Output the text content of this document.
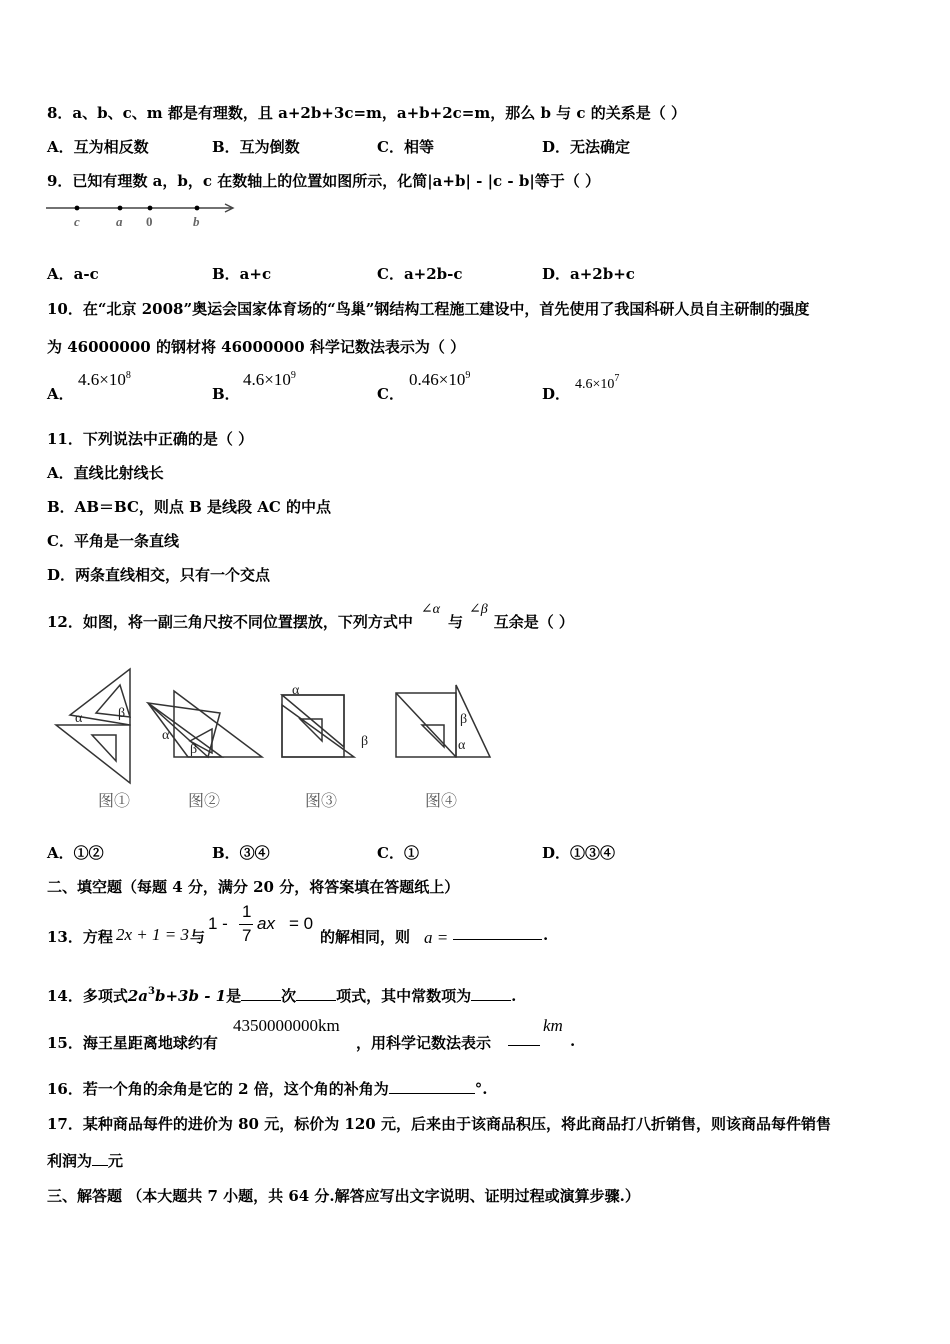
8．a、b、c、m 都是有理数，且 a+2b+3c=m，a+b+2c=m，那么 b 与 c 的关系是（ ）
A．互为相反数	B．互为倒数	C．相等	D．无法确定
9．已知有理数 a，b，c 在数轴上的位置如图所示，化简|a+b| - |c - b|等于（ ）
c	a 0	b
A．a-c	B．a+c	C．a+2b-c	D．a+2b+c
10．在“北京 2008”奥运会国家体育场的“鸟巢”钢结构工程施工建设中，首先使用了我国科研人员自主研制的强度
为 46000000 的钢材将 46000000 科学记数法表示为（ ）
A．
$4.6\times 10^8$
B．
$4.6\times 10^9$
C．
$0.46\times 10^9$
D．
$4.6\times 10^7$
11．下列说法中正确的是（ ）
A．直线比射线长
B．AB＝BC，则点 B 是线段 AC 的中点
C．平角是一条直线
D．两条直线相交，只有一个交点
12．如图，将一副三角尺按不同位置摆放，下列方式中∠α与∠β互余是（ ）
α	β
图①
α
β
图②
α
β
图③
β
α
图④
A．①②	B．③④	C．①	D．①③④
二、填空题（每题 4 分，满分 20 分，将答案填在答题纸上）
13．方程 2x + 1 = 3 与
1 -
1
7
ax = 0
的解相同，则 a =	.
14．多项式$2a^3b+3b - 1$是	次	项式，其中常数项为	.
15．海王星距离地球约有
4350000000km
，用科学记数法表示
km
.
16．若一个角的余角是它的 2 倍，这个角的补角为	°.
17．某种商品每件的进价为 80 元，标价为 120 元，后来由于该商品积压，将此商品打八折销售，则该商品每件销售
利润为 元
三、解答题 （本大题共 7 小题，共 64 分.解答应写出文字说明、证明过程或演算步骤.）
